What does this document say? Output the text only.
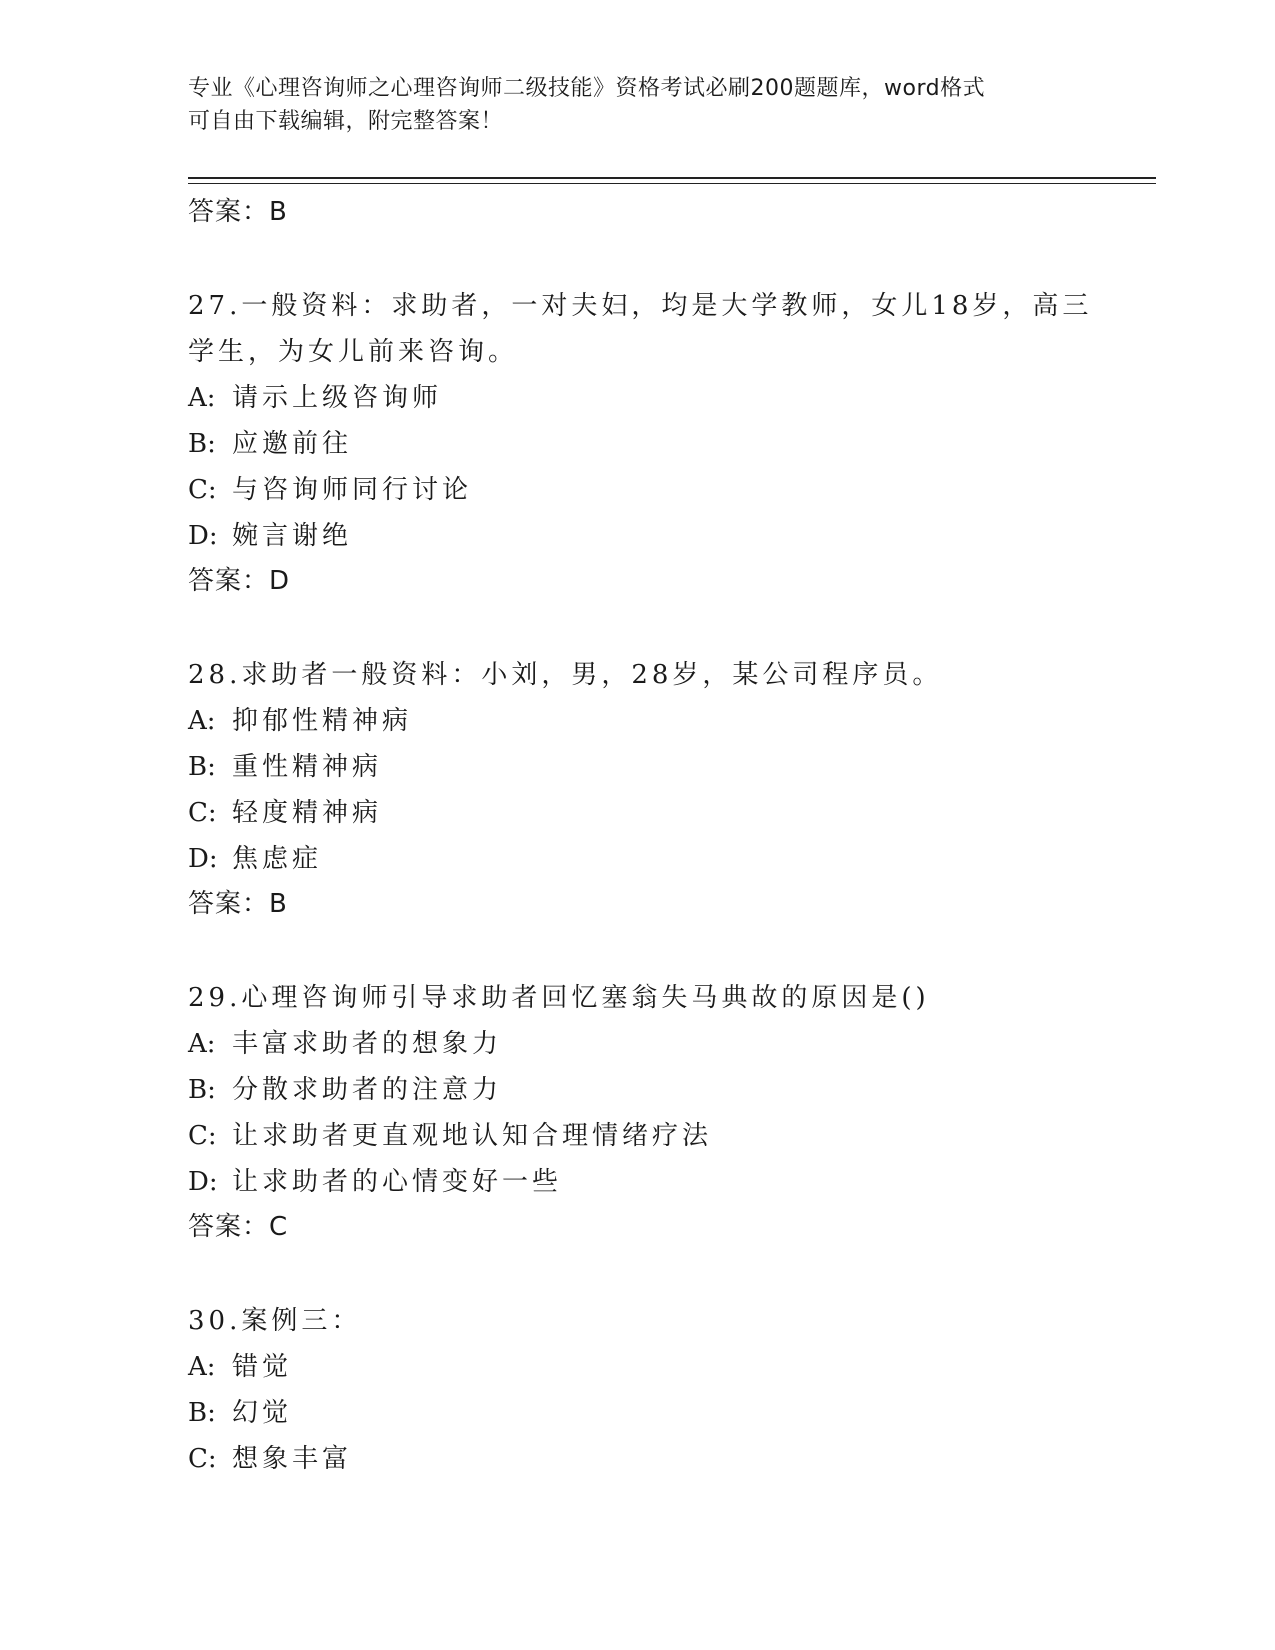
专业《心理咨询师之心理咨询师二级技能》资格考试必刷200题题库，word格式
可自由下载编辑，附完整答案！
答案：B
27.一般资料：求助者，一对夫妇，均是大学教师，女儿18岁，高三学生，为女儿前来咨询。
A: 请示上级咨询师
B: 应邀前往
C: 与咨询师同行讨论
D: 婉言谢绝
答案：D
28.求助者一般资料：小刘，男，28岁，某公司程序员。
A: 抑郁性精神病
B: 重性精神病
C: 轻度精神病
D: 焦虑症
答案：B
29.心理咨询师引导求助者回忆塞翁失马典故的原因是()
A: 丰富求助者的想象力
B: 分散求助者的注意力
C: 让求助者更直观地认知合理情绪疗法
D: 让求助者的心情变好一些
答案：C
30.案例三：
A: 错觉
B: 幻觉
C: 想象丰富
